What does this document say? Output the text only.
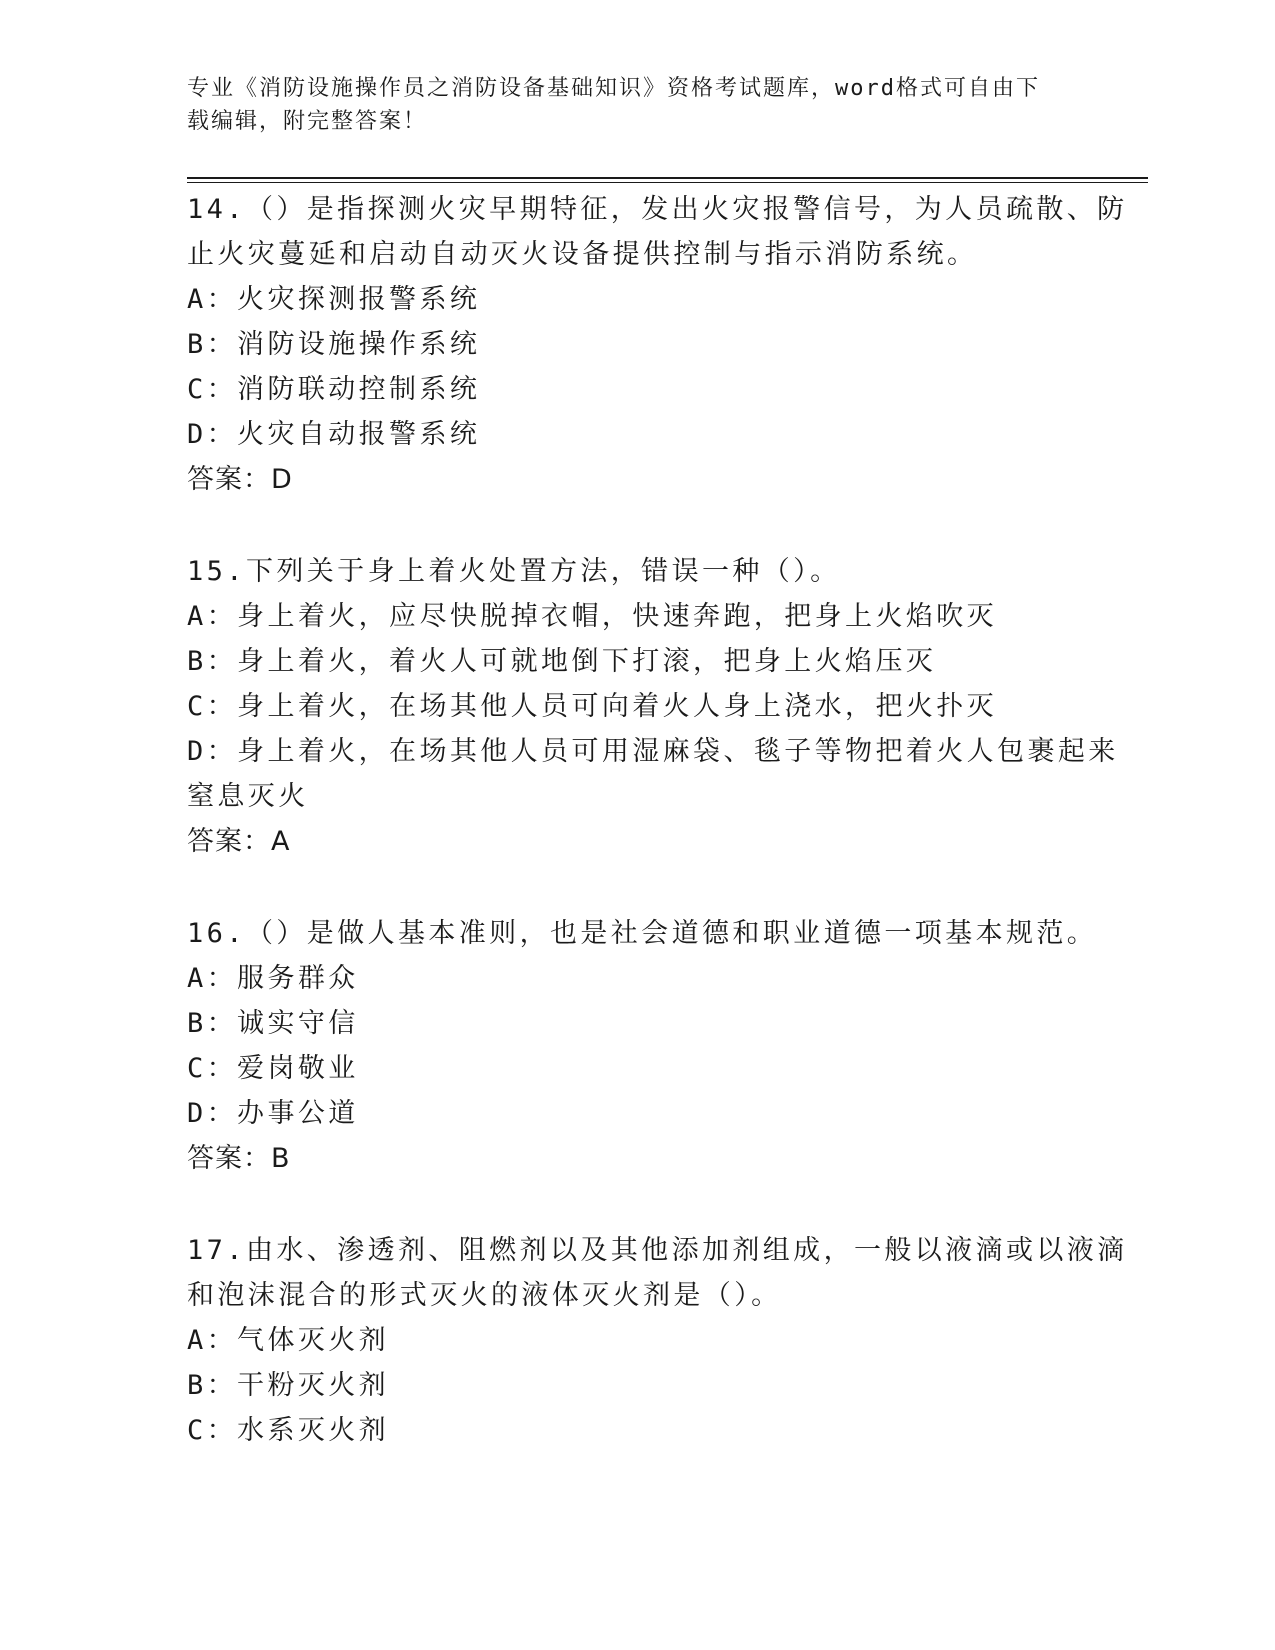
专业《消防设施操作员之消防设备基础知识》资格考试题库，word格式可自由下
载编辑，附完整答案！
14.（）是指探测火灾早期特征，发出火灾报警信号，为人员疏散、防
止火灾蔓延和启动自动灭火设备提供控制与指示消防系统。
A：火灾探测报警系统
B：消防设施操作系统
C：消防联动控制系统
D：火灾自动报警系统
答案：D
15.下列关于身上着火处置方法，错误一种（）。
A：身上着火，应尽快脱掉衣帽，快速奔跑，把身上火焰吹灭
B：身上着火，着火人可就地倒下打滚，把身上火焰压灭
C：身上着火，在场其他人员可向着火人身上浇水，把火扑灭
D：身上着火，在场其他人员可用湿麻袋、毯子等物把着火人包裹起来
窒息灭火
答案：A
16.（）是做人基本准则，也是社会道德和职业道德一项基本规范。
A：服务群众
B：诚实守信
C：爱岗敬业
D：办事公道
答案：B
17.由水、渗透剂、阻燃剂以及其他添加剂组成，一般以液滴或以液滴
和泡沫混合的形式灭火的液体灭火剂是（）。
A：气体灭火剂
B：干粉灭火剂
C：水系灭火剂
